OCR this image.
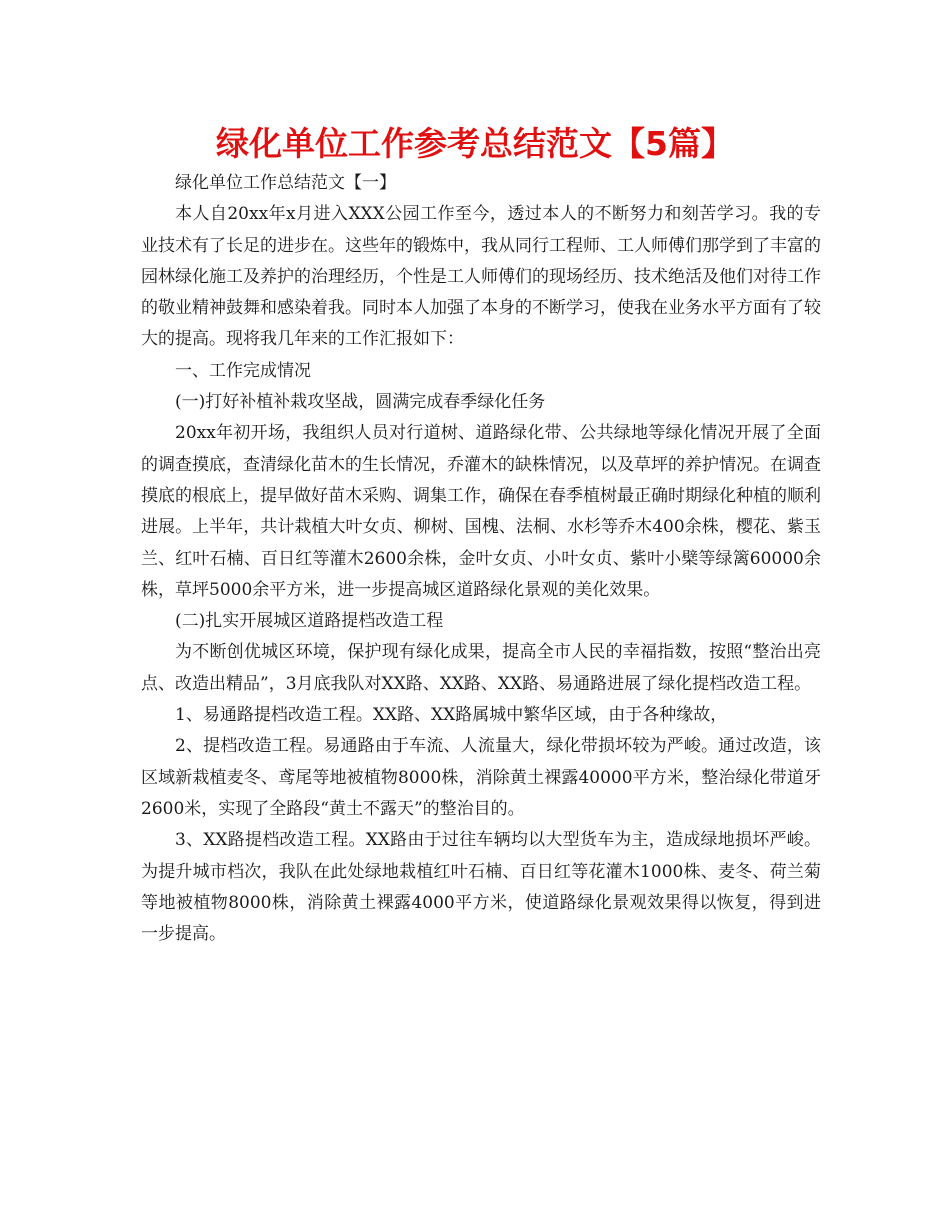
绿化单位工作参考总结范文【5篇】

绿化单位工作总结范文【一】

本人自20xx年x月进入XXX公园工作至今，透过本人的不断努力和刻苦学习。我的专业技术有了长足的进步在。这些年的锻炼中，我从同行工程师、工人师傅们那学到了丰富的园林绿化施工及养护的治理经历，个性是工人师傅们的现场经历、技术绝活及他们对待工作的敬业精神鼓舞和感染着我。同时本人加强了本身的不断学习，使我在业务水平方面有了较大的提高。现将我几年来的工作汇报如下：

一、工作完成情况

(一)打好补植补栽攻坚战，圆满完成春季绿化任务

20xx年初开场，我组织人员对行道树、道路绿化带、公共绿地等绿化情况开展了全面的调查摸底，查清绿化苗木的生长情况，乔灌木的缺株情况，以及草坪的养护情况。在调查摸底的根底上，提早做好苗木采购、调集工作，确保在春季植树最正确时期绿化种植的顺利进展。上半年，共计栽植大叶女贞、柳树、国槐、法桐、水杉等乔木400余株，樱花、紫玉兰、红叶石楠、百日红等灌木2600余株，金叶女贞、小叶女贞、紫叶小檗等绿篱60000余株，草坪5000余平方米，进一步提高城区道路绿化景观的美化效果。

(二)扎实开展城区道路提档改造工程

为不断创优城区环境，保护现有绿化成果，提高全市人民的幸福指数，按照“整治出亮点、改造出精品”，3月底我队对XX路、XX路、XX路、易通路进展了绿化提档改造工程。

1、易通路提档改造工程。XX路、XX路属城中繁华区域，由于各种缘故，

2、提档改造工程。易通路由于车流、人流量大，绿化带损坏较为严峻。通过改造，该区域新栽植麦冬、鸢尾等地被植物8000株，消除黄土裸露40000平方米，整治绿化带道牙2600米，实现了全路段“黄土不露天”的整治目的。

3、XX路提档改造工程。XX路由于过往车辆均以大型货车为主，造成绿地损坏严峻。为提升城市档次，我队在此处绿地栽植红叶石楠、百日红等花灌木1000株、麦冬、荷兰菊等地被植物8000株，消除黄土裸露4000平方米，使道路绿化景观效果得以恢复，得到进一步提高。
